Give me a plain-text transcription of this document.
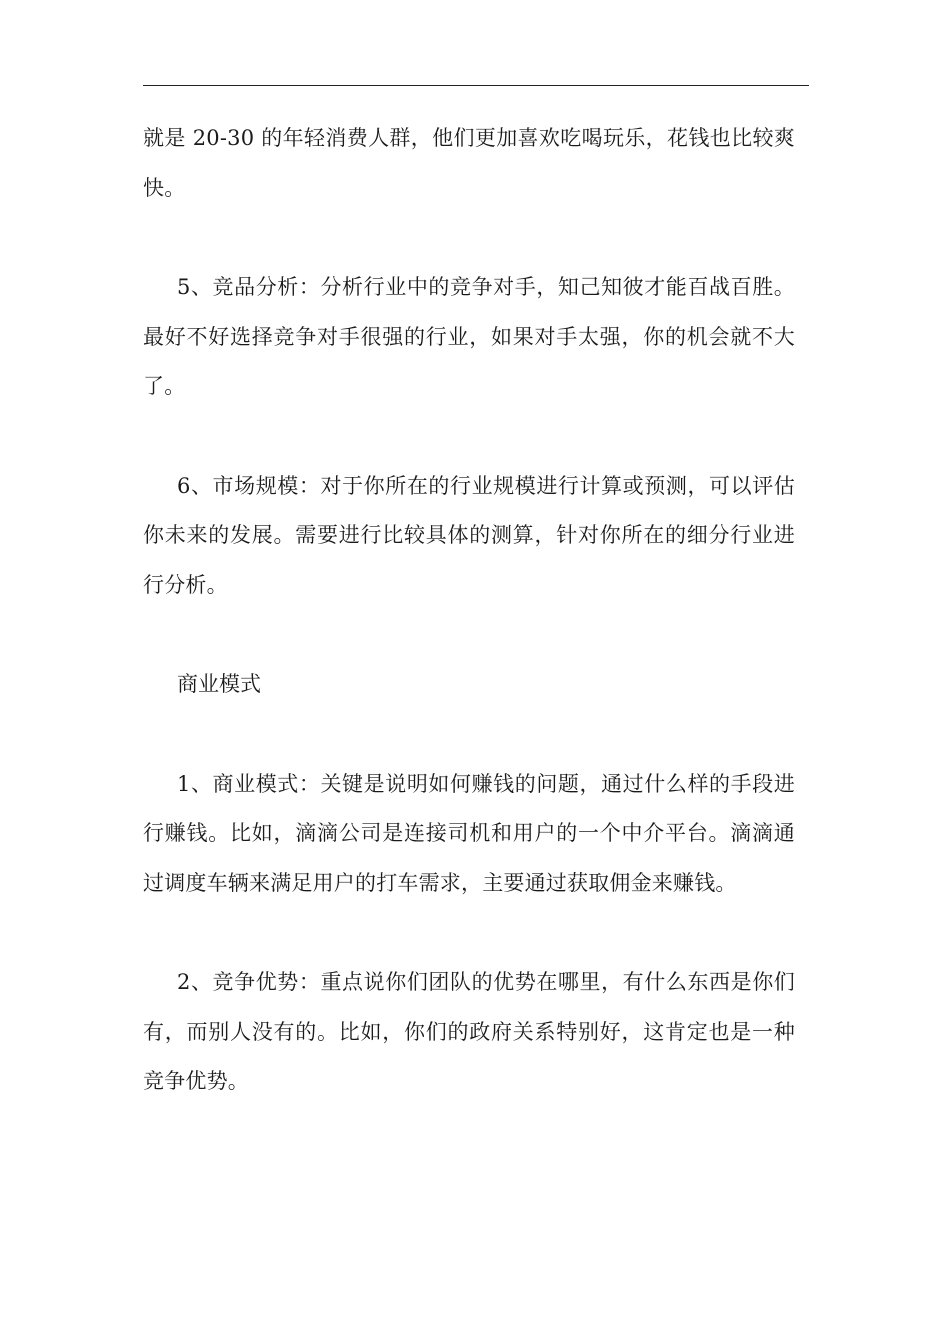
就是 20-30 的年轻消费人群，他们更加喜欢吃喝玩乐，花钱也比较爽快。

5、竞品分析：分析行业中的竞争对手，知己知彼才能百战百胜。最好不好选择竞争对手很强的行业，如果对手太强，你的机会就不大了。

6、市场规模：对于你所在的行业规模进行计算或预测，可以评估你未来的发展。需要进行比较具体的测算，针对你所在的细分行业进行分析。

商业模式

1、商业模式：关键是说明如何赚钱的问题，通过什么样的手段进行赚钱。比如，滴滴公司是连接司机和用户的一个中介平台。滴滴通过调度车辆来满足用户的打车需求，主要通过获取佣金来赚钱。

2、竞争优势：重点说你们团队的优势在哪里，有什么东西是你们有，而别人没有的。比如，你们的政府关系特别好，这肯定也是一种竞争优势。
